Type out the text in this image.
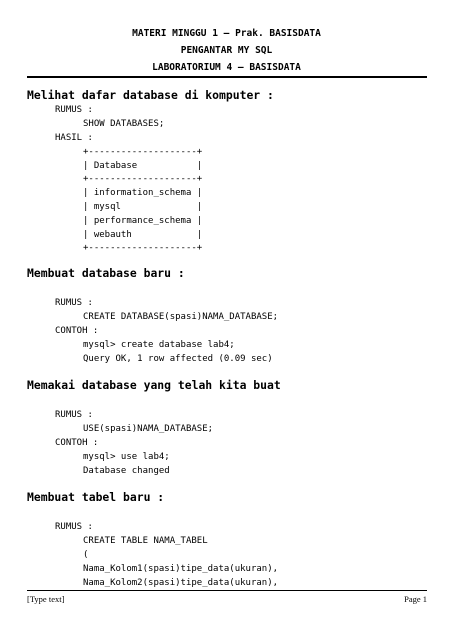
MATERI MINGGU 1 – Prak. BASISDATA
PENGANTAR MY SQL
LABORATORIUM 4 – BASISDATA
Melihat dafar database di komputer :
RUMUS :
SHOW DATABASES;
HASIL :
+--------------------+
| Database           |
+--------------------+
| information_schema |
| mysql              |
| performance_schema |
| webauth            |
+--------------------+
Membuat database baru :
RUMUS :
CREATE DATABASE(spasi)NAMA_DATABASE;
CONTOH :
mysql> create database lab4;
Query OK, 1 row affected (0.09 sec)
Memakai database yang telah kita buat
RUMUS :
USE(spasi)NAMA_DATABASE;
CONTOH :
mysql> use lab4;
Database changed
Membuat tabel baru :
RUMUS :
CREATE TABLE NAMA_TABEL
(
Nama_Kolom1(spasi)tipe_data(ukuran),
Nama_Kolom2(spasi)tipe_data(ukuran),
[Type text]	Page 1
